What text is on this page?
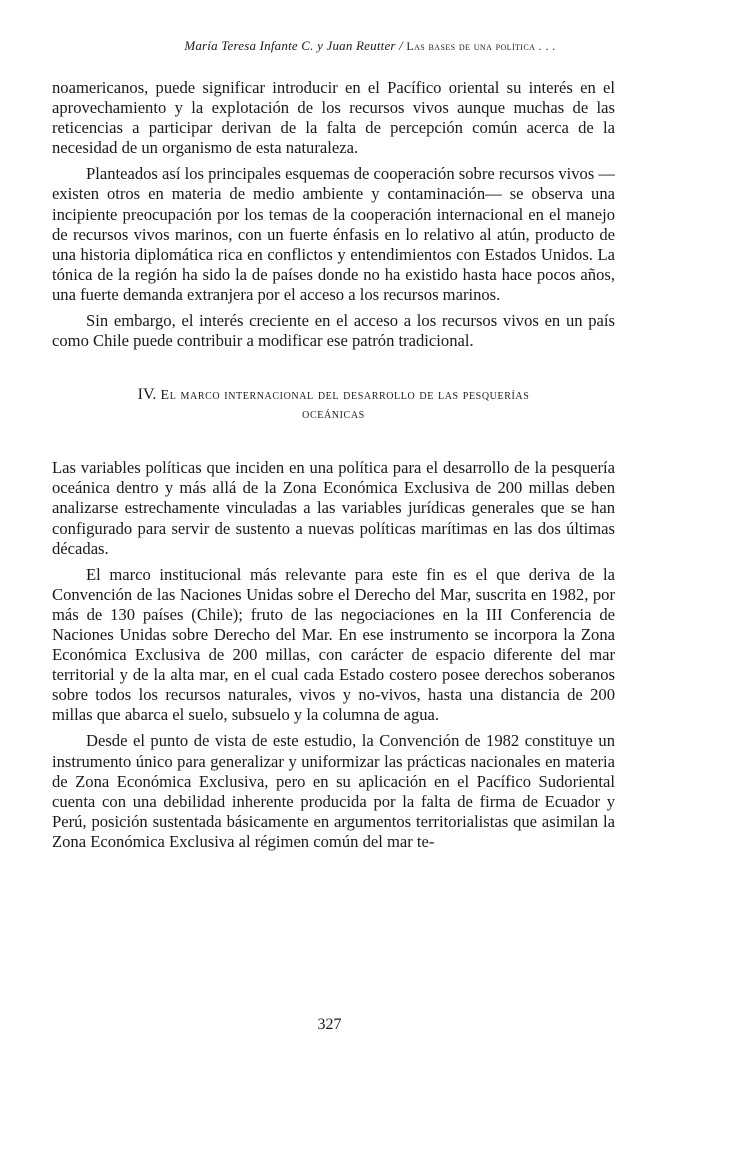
María Teresa Infante C. y Juan Reutter / Las bases de una política . . .

noamericanos, puede significar introducir en el Pacífico oriental su interés en el aprovechamiento y la explotación de los recursos vivos aunque muchas de las reticencias a participar derivan de la falta de percepción común acerca de la necesidad de un organismo de esta naturaleza.

Planteados así los principales esquemas de cooperación sobre recursos vivos —existen otros en materia de medio ambiente y contaminación— se observa una incipiente preocupación por los temas de la cooperación internacional en el manejo de recursos vivos marinos, con un fuerte énfasis en lo relativo al atún, producto de una historia diplomática rica en conflictos y entendimientos con Estados Unidos. La tónica de la región ha sido la de países donde no ha existido hasta hace pocos años, una fuerte demanda extranjera por el acceso a los recursos marinos.

Sin embargo, el interés creciente en el acceso a los recursos vivos en un país como Chile puede contribuir a modificar ese patrón tradicional.

IV. El marco internacional del desarrollo de las pesquerías
oceánicas

Las variables políticas que inciden en una política para el desarrollo de la pesquería oceánica dentro y más allá de la Zona Económica Exclusiva de 200 millas deben analizarse estrechamente vinculadas a las variables jurídicas generales que se han configurado para servir de sustento a nuevas políticas marítimas en las dos últimas décadas.

El marco institucional más relevante para este fin es el que deriva de la Convención de las Naciones Unidas sobre el Derecho del Mar, suscrita en 1982, por más de 130 países (Chile); fruto de las negociaciones en la III Conferencia de Naciones Unidas sobre Derecho del Mar. En ese instrumento se incorpora la Zona Económica Exclusiva de 200 millas, con carácter de espacio diferente del mar territorial y de la alta mar, en el cual cada Estado costero posee derechos soberanos sobre todos los recursos naturales, vivos y no-vivos, hasta una distancia de 200 millas que abarca el suelo, subsuelo y la columna de agua.

Desde el punto de vista de este estudio, la Convención de 1982 constituye un instrumento único para generalizar y uniformizar las prácticas nacionales en materia de Zona Económica Exclusiva, pero en su aplicación en el Pacífico Sudoriental cuenta con una debilidad inherente producida por la falta de firma de Ecuador y Perú, posición sustentada básicamente en argumentos territorialistas que asimilan la Zona Económica Exclusiva al régimen común del mar te-

327
